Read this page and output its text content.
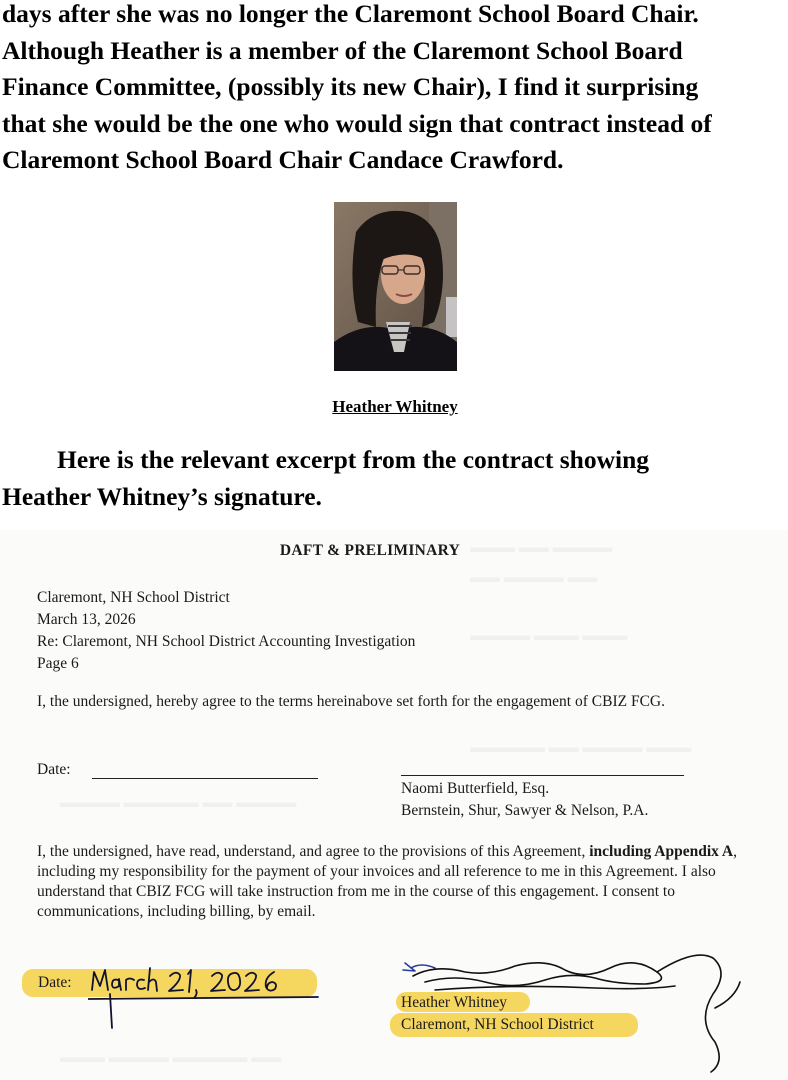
days after she was no longer the Claremont School Board Chair.
Although Heather is a member of the Claremont School Board
Finance Committee, (possibly its new Chair), I find it surprising
that she would be the one who would sign that contract instead of
Claremont School Board Chair Candace Crawford.

Heather Whitney

Here is the relevant excerpt from the contract showing
Heather Whitney’s signature.

DAFT & PRELIMINARY
Claremont, NH School District
March 13, 2026
Re: Claremont, NH School District Accounting Investigation
Page 6
I, the undersigned, hereby agree to the terms hereinabove set forth for the engagement of CBIZ FCG.
Date:
Naomi Butterfield, Esq.
Bernstein, Shur, Sawyer & Nelson, P.A.
I, the undersigned, have read, understand, and agree to the provisions of this Agreement, including Appendix A, including my responsibility for the payment of your invoices and all reference to me in this Agreement. I also understand that CBIZ FCG will take instruction from me in the course of this engagement. I consent to communications, including billing, by email.
Date:
Heather Whitney
Claremont, NH School District
